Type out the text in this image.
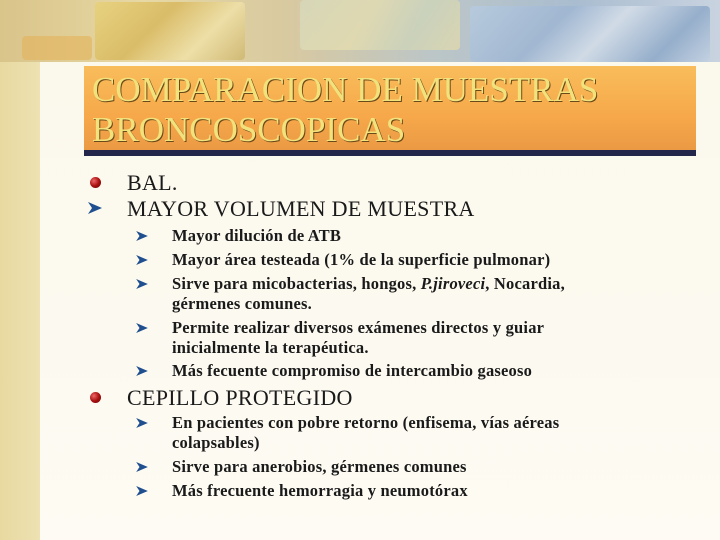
COMPARACION DE MUESTRAS
BRONCOSCOPICAS
BAL.
MAYOR VOLUMEN DE MUESTRA
Mayor dilución de ATB
Mayor área testeada (1% de la superficie pulmonar)
Sirve para micobacterias, hongos, P.jiroveci, Nocardia,
gérmenes comunes.
Permite realizar diversos exámenes directos y guiar
inicialmente la terapéutica.
Más fecuente compromiso de intercambio gaseoso
CEPILLO PROTEGIDO
En pacientes con pobre retorno (enfisema, vías aéreas
colapsables)
Sirve para anerobios, gérmenes comunes
Más frecuente hemorragia y neumotórax
